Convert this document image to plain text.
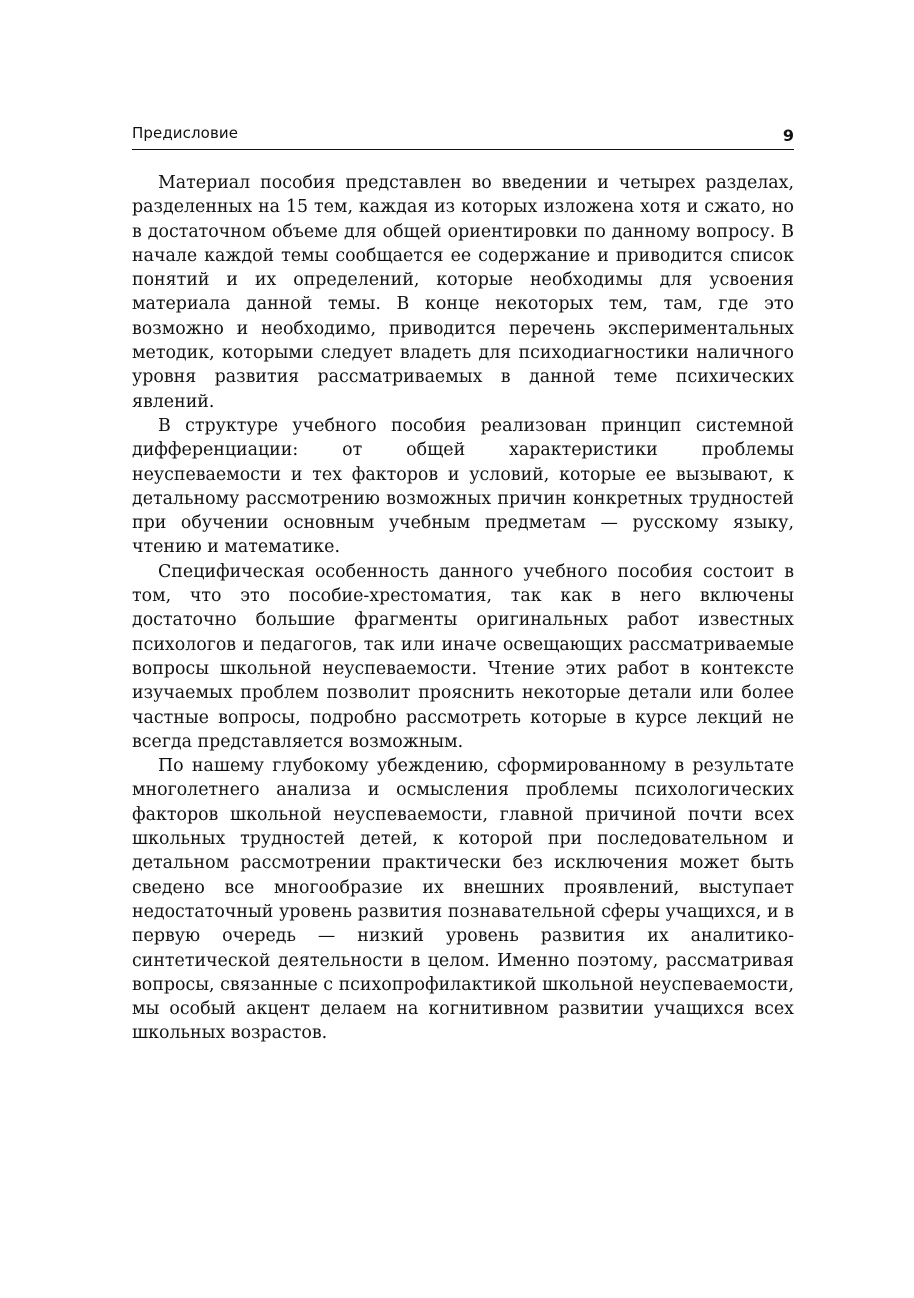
Предисловие	9

Материал пособия представлен во введении и четырех разделах, разделенных на 15 тем, каждая из которых изложена хотя и сжато, но в достаточном объеме для общей ориентировки по данному вопросу. В начале каждой темы сообщается ее содержание и приводится список понятий и их определений, которые необходимы для усвоения материала данной темы. В конце некоторых тем, там, где это возможно и необходимо, приводится перечень экспериментальных методик, которыми следует владеть для психодиагностики наличного уровня развития рассматриваемых в данной теме психических явлений.

В структуре учебного пособия реализован принцип системной дифференциации: от общей характеристики проблемы неуспеваемости и тех факторов и условий, которые ее вызывают, к детальному рассмотрению возможных причин конкретных трудностей при обучении основным учебным предметам — русскому языку, чтению и математике.

Специфическая особенность данного учебного пособия состоит в том, что это пособие-хрестоматия, так как в него включены достаточно большие фрагменты оригинальных работ известных психологов и педагогов, так или иначе освещающих рассматриваемые вопросы школьной неуспеваемости. Чтение этих работ в контексте изучаемых проблем позволит прояснить некоторые детали или более частные вопросы, подробно рассмотреть которые в курсе лекций не всегда представляется возможным.

По нашему глубокому убеждению, сформированному в результате многолетнего анализа и осмысления проблемы психологических факторов школьной неуспеваемости, главной причиной почти всех школьных трудностей детей, к которой при последовательном и детальном рассмотрении практически без исключения может быть сведено все многообразие их внешних проявлений, выступает недостаточный уровень развития познавательной сферы учащихся, и в первую очередь — низкий уровень развития их аналитико-синтетической деятельности в целом. Именно поэтому, рассматривая вопросы, связанные с психопрофилактикой школьной неуспеваемости, мы особый акцент делаем на когнитивном развитии учащихся всех школьных возрастов.
